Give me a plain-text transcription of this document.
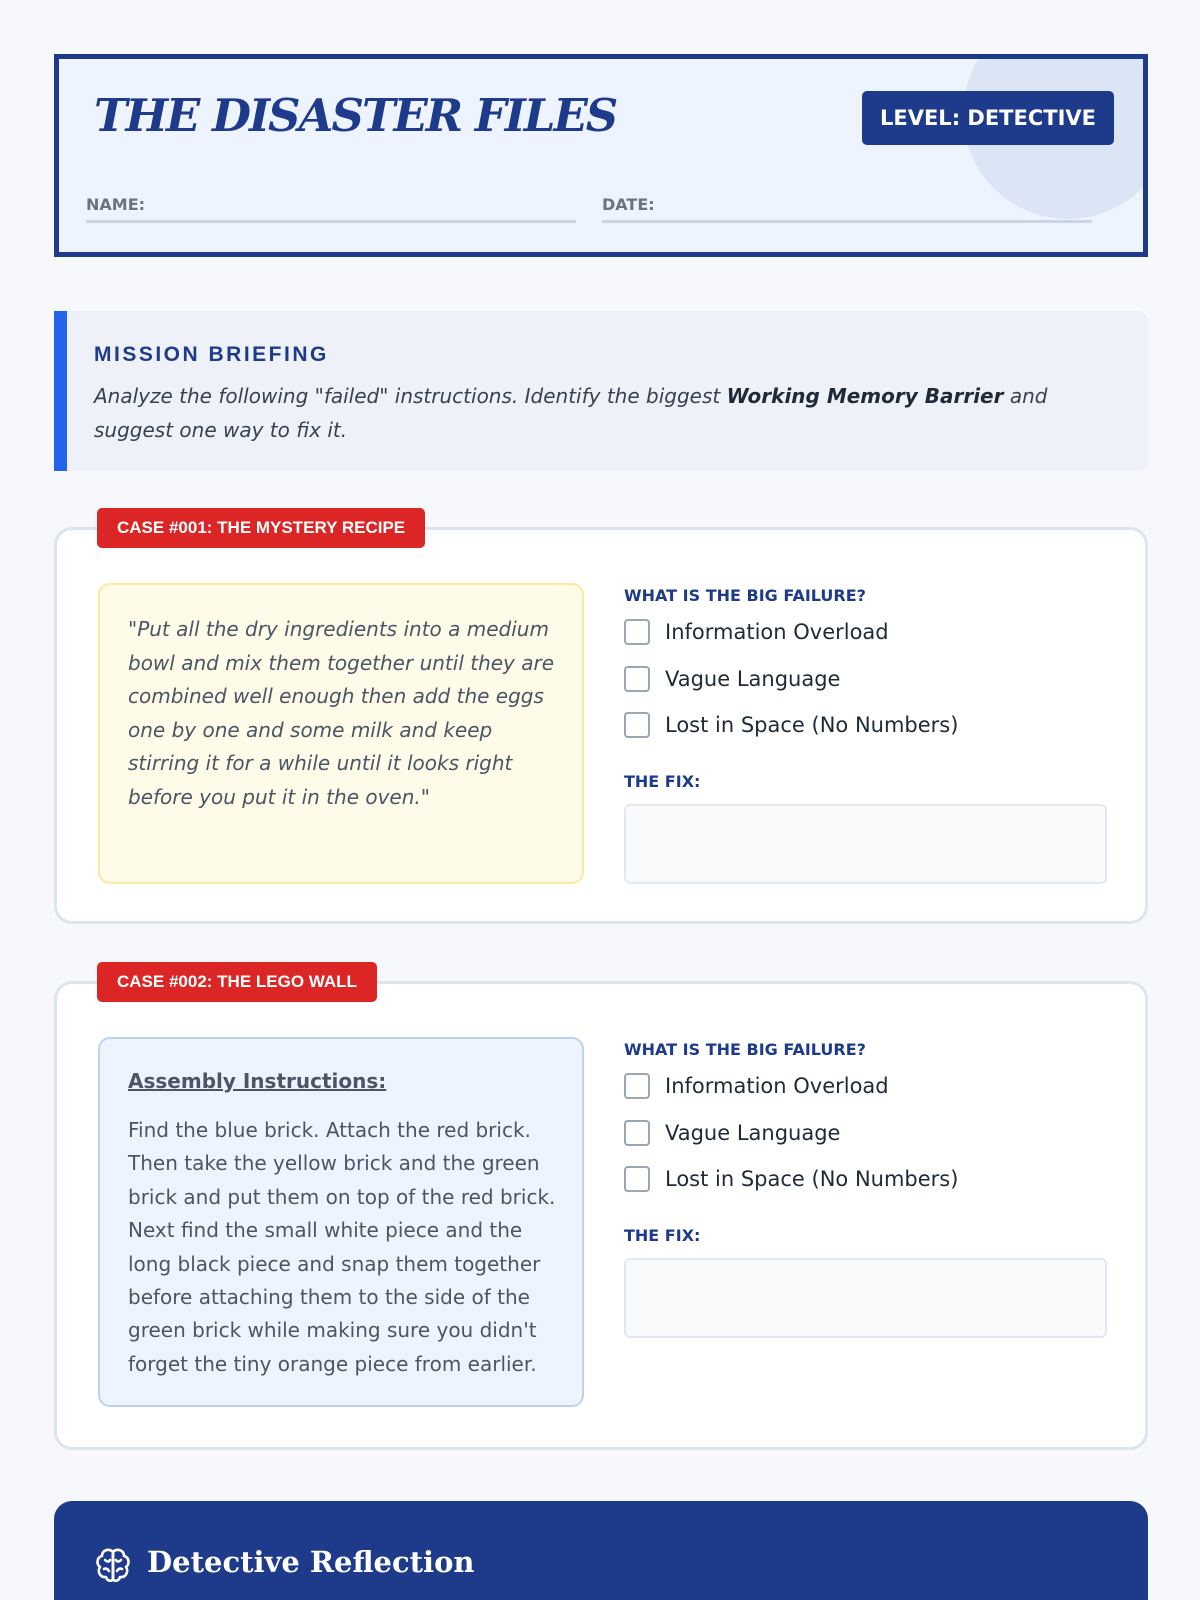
THE DISASTER FILES	LEVEL: DETECTIVE
NAME:	DATE:
MISSION BRIEFING
Analyze the following "failed" instructions. Identify the biggest Working Memory Barrier and suggest one way to fix it.
"Put all the dry ingredients into a medium bowl and mix them together until they are combined well enough then add the eggs one by one and some milk and keep stirring it for a while until it looks right before you put it in the oven."
WHAT IS THE BIG FAILURE?
Information Overload
Vague Language
Lost in Space (No Numbers)
THE FIX:
CASE #001: THE MYSTERY RECIPE
Assembly Instructions:
Find the blue brick. Attach the red brick. Then take the yellow brick and the green brick and put them on top of the red brick. Next find the small white piece and the long black piece and snap them together before attaching them to the side of the green brick while making sure you didn't forget the tiny orange piece from earlier.
WHAT IS THE BIG FAILURE?
Information Overload
Vague Language
Lost in Space (No Numbers)
THE FIX:
CASE #002: THE LEGO WALL
Detective Reflection
